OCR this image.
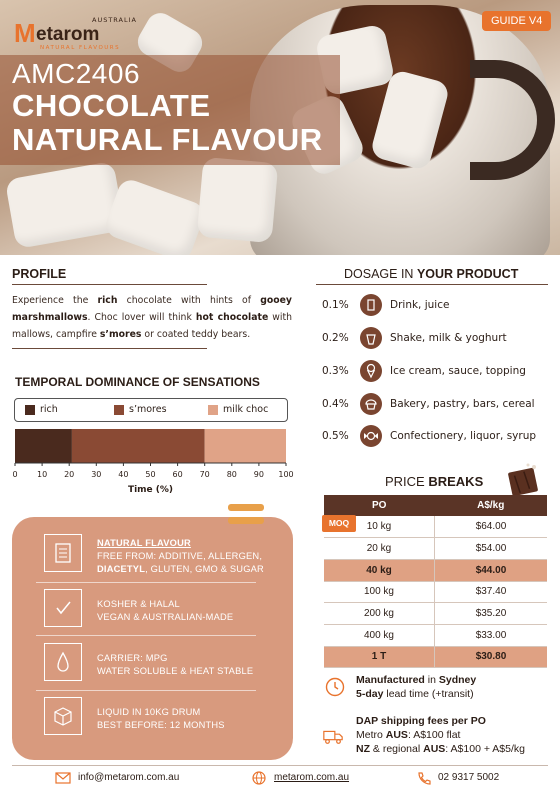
AUSTRALIA
M etarom
NATURAL FLAVOURS
GUIDE V4
AMC2406
CHOCOLATE
NATURAL FLAVOUR
PROFILE
Experience the rich chocolate with hints of gooey marshmallows. Choc lover will think hot chocolate with mallows, campfire s’mores or coated teddy bears.
TEMPORAL DOMINANCE OF SENSATIONS
rich	s’mores	milk choc
0 10 20 30 40 50 60 70 80 90 100
Time (%)
NATURAL FLAVOUR
FREE FROM: ADDITIVE, ALLERGEN,
DIACETYL, GLUTEN, GMO & SUGAR
KOSHER & HALAL
VEGAN & AUSTRALIAN-MADE
CARRIER: MPG
WATER SOLUBLE & HEAT STABLE
LIQUID IN 10KG DRUM
BEST BEFORE: 12 MONTHS
DOSAGE IN YOUR PRODUCT
0.1%	Drink, juice
0.2%	Shake, milk & yoghurt
0.3%	Ice cream, sauce, topping
0.4%	Bakery, pastry, bars, cereal
0.5%	Confectionery, liquor, syrup
PRICE BREAKS
PO	A$/kg
10 kg	$64.00
20 kg	$54.00
40 kg	$44.00
100 kg	$37.40
200 kg	$35.20
400 kg	$33.00
1 T	$30.80
MOQ
Manufactured in Sydney
5-day lead time (+transit)
DAP shipping fees per PO
Metro AUS: A$100 flat
NZ & regional AUS: A$100 + A$5/kg
info@metarom.com.au	metarom.com.au	02 9317 5002
